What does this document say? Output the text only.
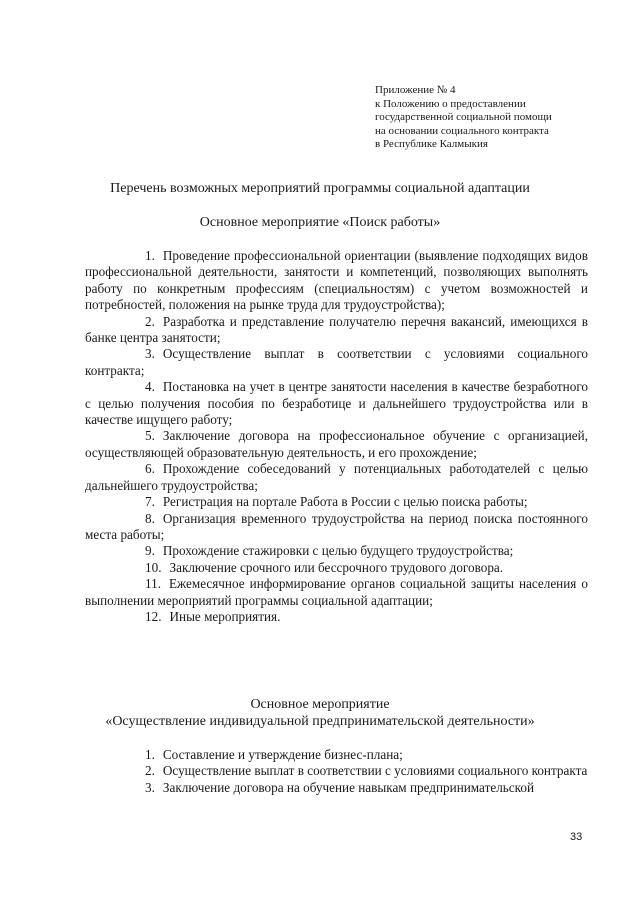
Приложение № 4
к Положению о предоставлении
государственной социальной помощи
на основании социального контракта
в Республике Калмыкия
Перечень возможных мероприятий программы социальной адаптации
Основное мероприятие «Поиск работы»

1. Проведение профессиональной ориентации (выявление подходящих видов профессиональной деятельности, занятости и компетенций, позволяющих выполнять работу по конкретным профессиям (специальностям) с учетом возможностей и потребностей, положения на рынке труда для трудоустройства);

2. Разработка и представление получателю перечня вакансий, имеющихся в банке центра занятости;

3. Осуществление выплат в соответствии с условиями социального контракта;

4. Постановка на учет в центре занятости населения в качестве безработного с целью получения пособия по безработице и дальнейшего трудоустройства или в качестве ищущего работу;

5. Заключение договора на профессиональное обучение с организацией, осуществляющей образовательную деятельность, и его прохождение;

6. Прохождение собеседований у потенциальных работодателей с целью дальнейшего трудоустройства;

7. Регистрация на портале Работа в России с целью поиска работы;

8. Организация временного трудоустройства на период поиска постоянного места работы;

9. Прохождение стажировки с целью будущего трудоустройства;

10. Заключение срочного или бессрочного трудового договора.

11. Ежемесячное информирование органов социальной защиты населения о выполнении мероприятий программы социальной адаптации;

12. Иные мероприятия.

Основное мероприятие
«Осуществление индивидуальной предпринимательской деятельности»

1. Составление и утверждение бизнес-плана;

2. Осуществление выплат в соответствии с условиями социального контракта

3. Заключение договора на обучение навыкам предпринимательской

33
